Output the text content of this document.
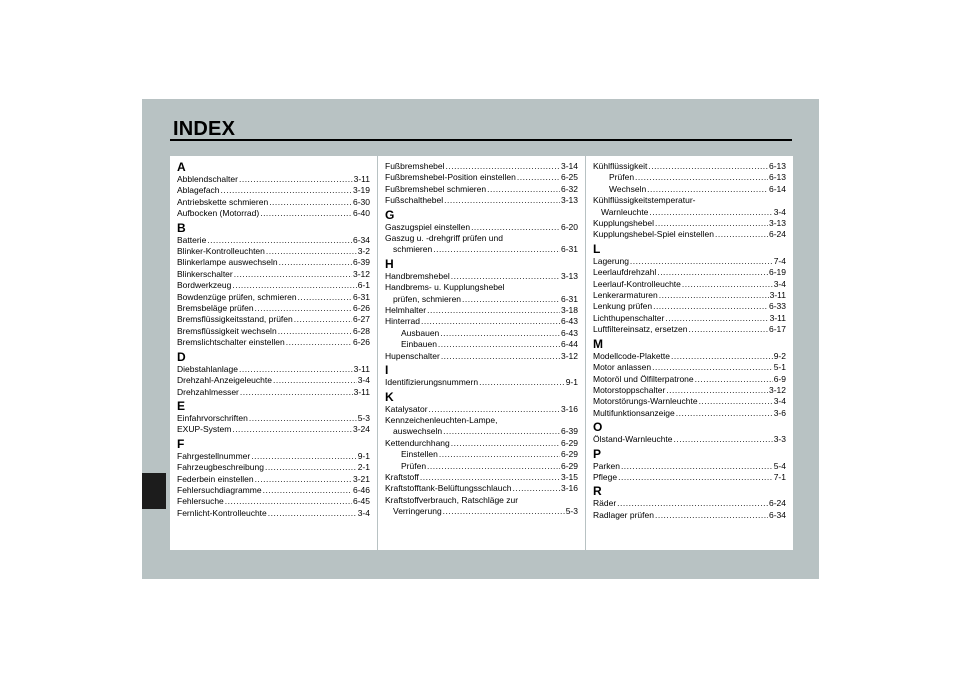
INDEX
A
Abblendschalter .....	3-11
Ablagefach .....	3-19
Antriebskette schmieren .....	6-30
Aufbocken (Motorrad) .....	6-40
B
Batterie .....	6-34
Blinker-Kontrolleuchten .....	3-2
Blinkerlampe auswechseln .....	6-39
Blinkerschalter .....	3-12
Bordwerkzeug .....	6-1
Bowdenzüge prüfen, schmieren .....	6-31
Bremsbeläge prüfen .....	6-26
Bremsflüssigkeitsstand, prüfen .....	6-27
Bremsflüssigkeit wechseln .....	6-28
Bremslichtschalter einstellen .....	6-26
D
Diebstahlanlage .....	3-11
Drehzahl-Anzeigeleuchte .....	3-4
Drehzahlmesser .....	3-11
E
Einfahrvorschriften .....	5-3
EXUP-System .....	3-24
F
Fahrgestellnummer .....	9-1
Fahrzeugbeschreibung .....	2-1
Federbein einstellen .....	3-21
Fehlersuchdiagramme .....	6-46
Fehlersuche .....	6-45
Fernlicht-Kontrolleuchte .....	3-4
Fußbremshebel .....	3-14
Fußbremshebel-Position einstellen .....	6-25
Fußbremshebel schmieren .....	6-32
Fußschalthebel .....	3-13
G
Gaszugspiel einstellen .....	6-20
Gaszug u. -drehgriff prüfen und
schmieren .....	6-31
H
Handbremshebel .....	3-13
Handbrems- u. Kupplungshebel
prüfen, schmieren .....	6-31
Helmhalter .....	3-18
Hinterrad .....	6-43
Ausbauen .....	6-43
Einbauen .....	6-44
Hupenschalter .....	3-12
I
Identifizierungsnummern .....	9-1
K
Katalysator .....	3-16
Kennzeichenleuchten-Lampe,
auswechseln .....	6-39
Kettendurchhang .....	6-29
Einstellen .....	6-29
Prüfen .....	6-29
Kraftstoff .....	3-15
Kraftstofftank-Belüftungsschlauch .....	3-16
Kraftstoffverbrauch, Ratschläge zur
Verringerung .....	5-3
Kühlflüssigkeit .....	6-13
Prüfen .....	6-13
Wechseln .....	6-14
Kühlflüssigkeitstemperatur-
Warnleuchte .....	3-4
Kupplungshebel .....	3-13
Kupplungshebel-Spiel einstellen .....	6-24
L
Lagerung .....	7-4
Leerlaufdrehzahl .....	6-19
Leerlauf-Kontrolleuchte .....	3-4
Lenkerarmaturen .....	3-11
Lenkung prüfen .....	6-33
Lichthupenschalter .....	3-11
Luftfiltereinsatz, ersetzen .....	6-17
M
Modellcode-Plakette .....	9-2
Motor anlassen .....	5-1
Motoröl und Ölfilterpatrone .....	6-9
Motorstoppschalter .....	3-12
Motorstörungs-Warnleuchte .....	3-4
Multifunktionsanzeige .....	3-6
O
Ölstand-Warnleuchte .....	3-3
P
Parken .....	5-4
Pflege .....	7-1
R
Räder .....	6-24
Radlager prüfen .....	6-34
